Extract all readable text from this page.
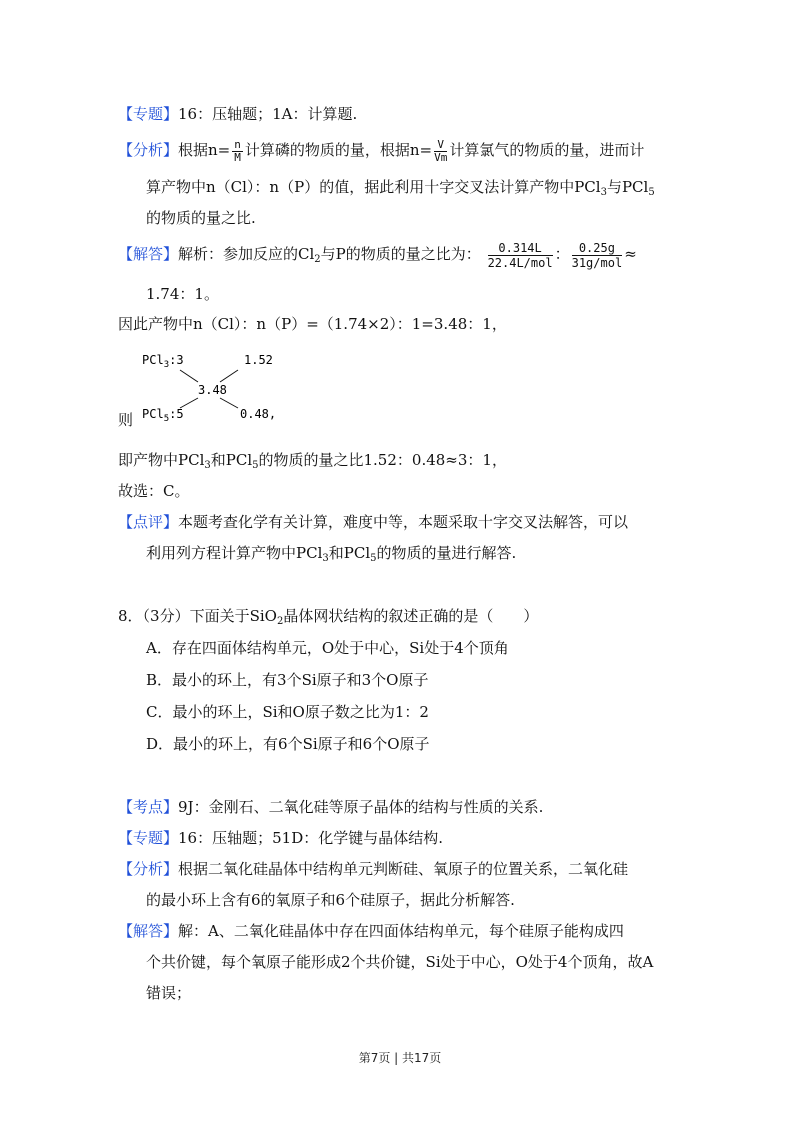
【专题】16：压轴题；1A：计算题.
【分析】根据$n= \frac{n}{M}$ 计算磷的物质的量，根据$n= \frac{V}{Vm}$ 计算氯气的物质的量，进而计
算产物中n（Cl）：n（P）的值，据此利用十字交叉法计算产物中PCl$_3$与PCl$_5$
的物质的量之比.
【解答】解析：参加反应的$Cl_2$与P的物质的量之比为： $\frac{0.314L}{\text{22.4L/mol}}$ ： $\frac{0.25g}{\text{31g/mol}}$ ≈
1.74：1。
因此产物中n（Cl）：n（P）=（1.74×2）：1=3.48：1，
PCl$_3$:3	1.52
3.48
PCl$_5$:5	0.48,
则
即产物中PCl$_3$和PCl$_5$的物质的量之比1.52：0.48≈3：1，
故选：C。
【点评】本题考查化学有关计算，难度中等，本题采取十字交叉法解答，可以
利用列方程计算产物中PCl$_3$和PCl$_5$的物质的量进行解答.
8．（3分）下面关于SiO$_2$晶体网状结构的叙述正确的是（　　）
A．存在四面体结构单元，O处于中心，Si处于4个顶角
B．最小的环上，有3个Si原子和3个O原子
C．最小的环上，Si和O原子数之比为1：2
D．最小的环上，有6个Si原子和6个O原子
【考点】9J：金刚石、二氧化硅等原子晶体的结构与性质的关系.
【专题】16：压轴题；51D：化学键与晶体结构.
【分析】根据二氧化硅晶体中结构单元判断硅、氧原子的位置关系，二氧化硅
的最小环上含有6的氧原子和6个硅原子，据此分析解答.
【解答】解：A、二氧化硅晶体中存在四面体结构单元，每个硅原子能构成四
个共价键，每个氧原子能形成2个共价键，Si处于中心，O处于4个顶角，故A
错误；
第7页 | 共17页
